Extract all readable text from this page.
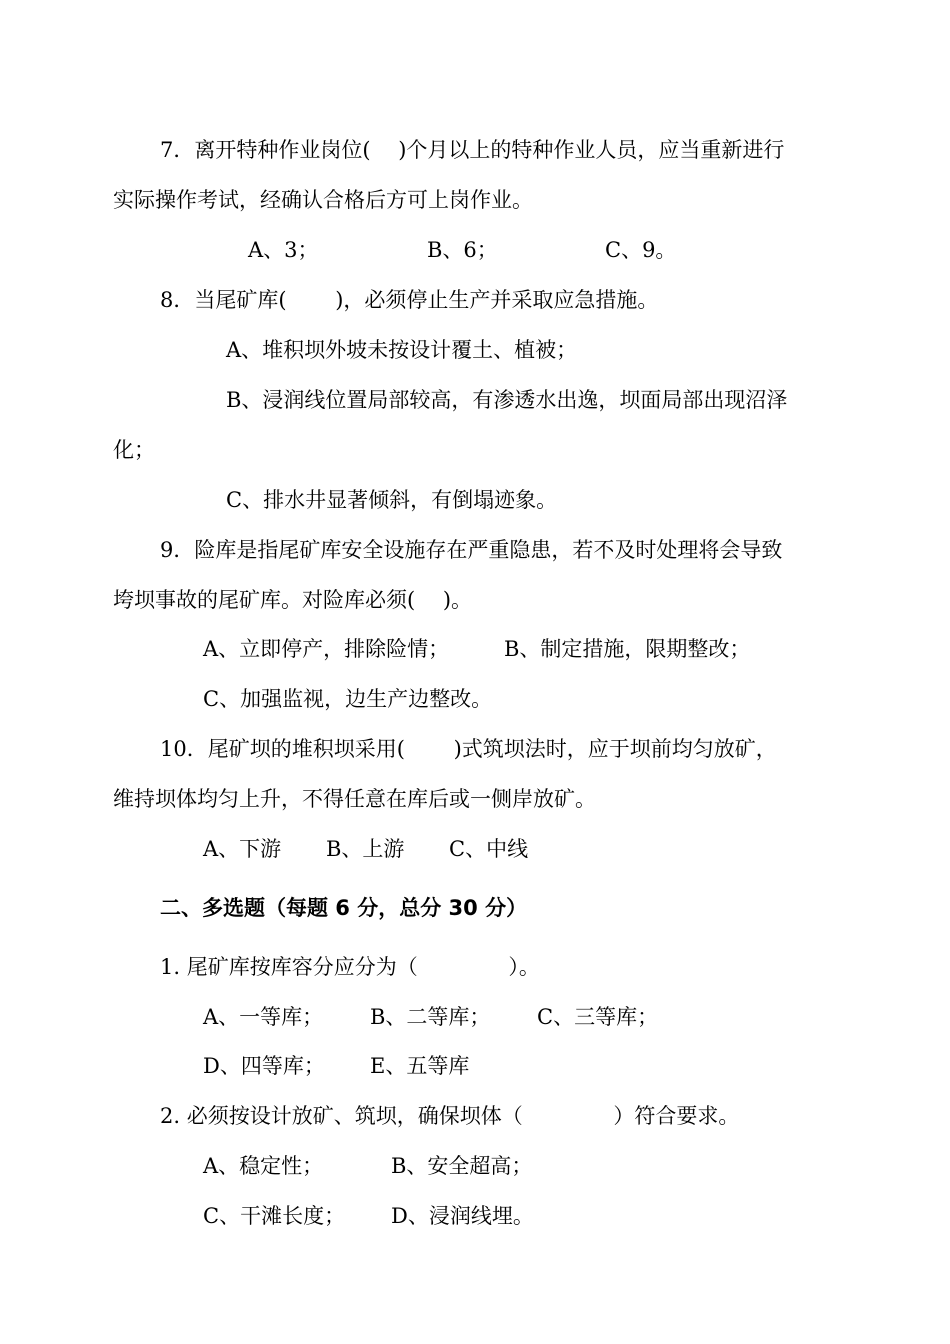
7．离开特种作业岗位(　 )个月以上的特种作业人员，应当重新进行
实际操作考试，经确认合格后方可上岗作业。
A、3；	B、6；	C、9。
8．当尾矿库(　　 )，必须停止生产并采取应急措施。
A、堆积坝外坡未按设计覆土、植被；
B、浸润线位置局部较高，有渗透水出逸，坝面局部出现沼泽
化；
C、排水井显著倾斜，有倒塌迹象。
9．险库是指尾矿库安全设施存在严重隐患，若不及时处理将会导致
垮坝事故的尾矿库。对险库必须(　 )。
A、立即停产，排除险情；	B、制定措施，限期整改；
C、加强监视，边生产边整改。
10．尾矿坝的堆积坝采用(　　 )式筑坝法时，应于坝前均匀放矿，
维持坝体均匀上升，不得任意在库后或一侧岸放矿。
A、下游 B、上游 C、中线
二、多选题（每题 6 分，总分 30 分）
1. 尾矿库按库容分应分为（　　　　 ）。
A、一等库； B、二等库； C、三等库；
D、四等库； E、五等库
2. 必须按设计放矿、筑坝，确保坝体（　　　　 ）符合要求。
A、稳定性；	B、安全超高；
C、干滩长度； D、浸润线埋。
